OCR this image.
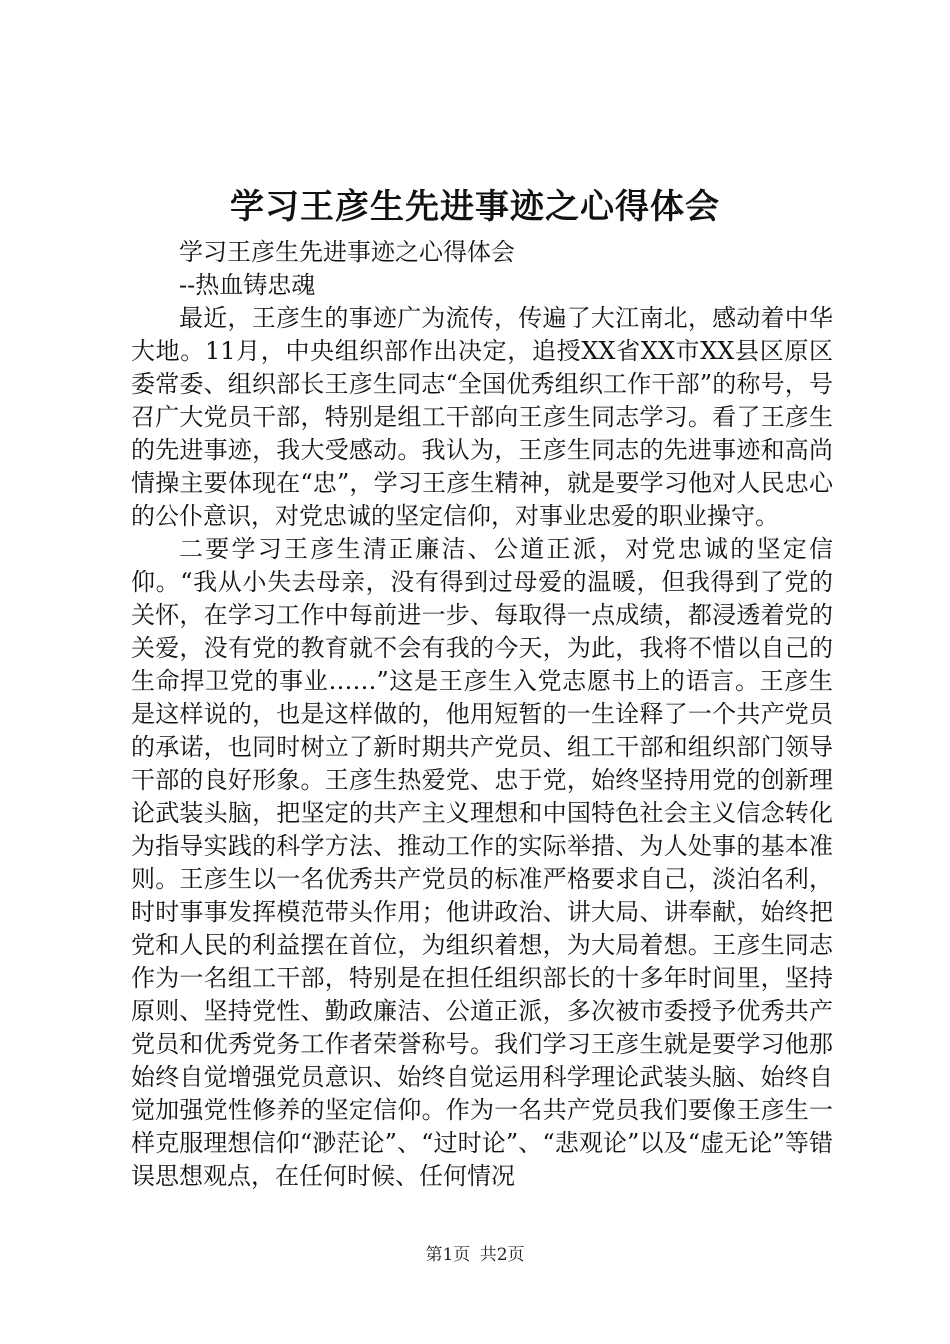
学习王彦生先进事迹之心得体会

学习王彦生先进事迹之心得体会

--热血铸忠魂

最近，王彦生的事迹广为流传，传遍了大江南北，感动着中华大地。11月，中央组织部作出决定，追授XX省XX市XX县区原区委常委、组织部长王彦生同志“全国优秀组织工作干部”的称号，号召广大党员干部，特别是组工干部向王彦生同志学习。看了王彦生的先进事迹，我大受感动。我认为，王彦生同志的先进事迹和高尚情操主要体现在“忠”，学习王彦生精神，就是要学习他对人民忠心的公仆意识，对党忠诚的坚定信仰，对事业忠爱的职业操守。

二要学习王彦生清正廉洁、公道正派，对党忠诚的坚定信仰。“我从小失去母亲，没有得到过母爱的温暖，但我得到了党的关怀，在学习工作中每前进一步、每取得一点成绩，都浸透着党的关爱，没有党的教育就不会有我的今天，为此，我将不惜以自己的生命捍卫党的事业……”这是王彦生入党志愿书上的语言。王彦生是这样说的，也是这样做的，他用短暂的一生诠释了一个共产党员的承诺，也同时树立了新时期共产党员、组工干部和组织部门领导干部的良好形象。王彦生热爱党、忠于党，始终坚持用党的创新理论武装头脑，把坚定的共产主义理想和中国特色社会主义信念转化为指导实践的科学方法、推动工作的实际举措、为人处事的基本准则。王彦生以一名优秀共产党员的标准严格要求自己，淡泊名利，时时事事发挥模范带头作用；他讲政治、讲大局、讲奉献，始终把党和人民的利益摆在首位，为组织着想，为大局着想。王彦生同志作为一名组工干部，特别是在担任组织部长的十多年时间里，坚持原则、坚持党性、勤政廉洁、公道正派，多次被市委授予优秀共产党员和优秀党务工作者荣誉称号。我们学习王彦生就是要学习他那始终自觉增强党员意识、始终自觉运用科学理论武装头脑、始终自觉加强党性修养的坚定信仰。作为一名共产党员我们要像王彦生一样克服理想信仰“渺茫论”、“过时论”、“悲观论”以及“虚无论”等错误思想观点，在任何时候、任何情况

第1页 共2页
